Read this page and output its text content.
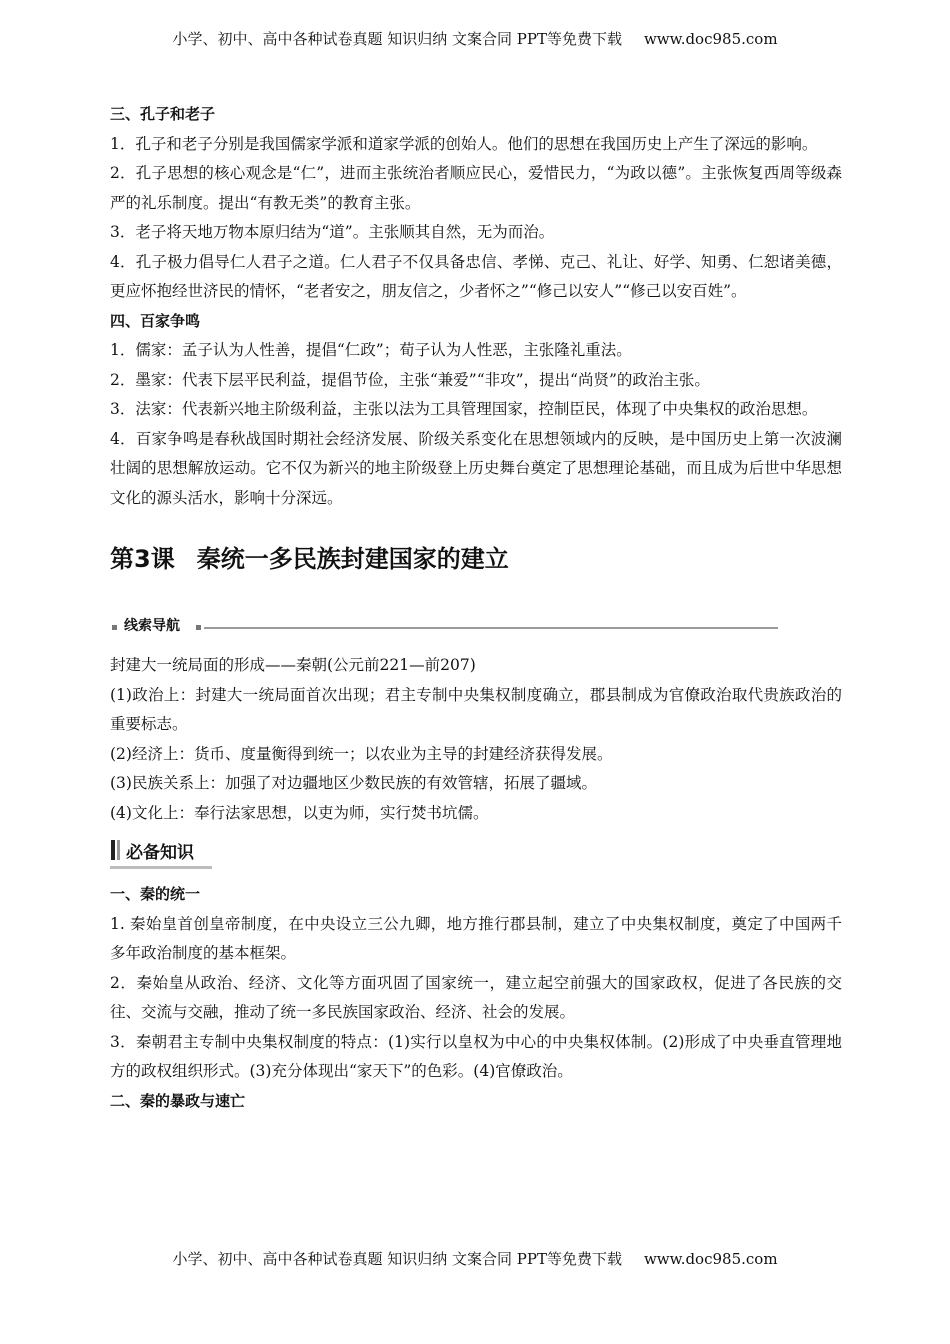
小学、初中、高中各种试卷真题 知识归纳 文案合同 PPT等免费下载 www.doc985.com

三、孔子和老子

1．孔子和老子分别是我国儒家学派和道家学派的创始人。他们的思想在我国历史上产生了深远的影响。

2．孔子思想的核心观念是“仁”，进而主张统治者顺应民心，爱惜民力，“为政以德”。主张恢复西周等级森严的礼乐制度。提出“有教无类”的教育主张。

3．老子将天地万物本原归结为“道”。主张顺其自然，无为而治。

4．孔子极力倡导仁人君子之道。仁人君子不仅具备忠信、孝悌、克己、礼让、好学、知勇、仁恕诸美德，更应怀抱经世济民的情怀，“老者安之，朋友信之，少者怀之”“修己以安人”“修己以安百姓”。

四、百家争鸣

1．儒家：孟子认为人性善，提倡“仁政”；荀子认为人性恶，主张隆礼重法。

2．墨家：代表下层平民利益，提倡节俭，主张“兼爱”“非攻”，提出“尚贤”的政治主张。

3．法家：代表新兴地主阶级利益，主张以法为工具管理国家，控制臣民，体现了中央集权的政治思想。

4．百家争鸣是春秋战国时期社会经济发展、阶级关系变化在思想领域内的反映，是中国历史上第一次波澜壮阔的思想解放运动。它不仅为新兴的地主阶级登上历史舞台奠定了思想理论基础，而且成为后世中华思想文化的源头活水，影响十分深远。

第3课 秦统一多民族封建国家的建立
线索导航

封建大一统局面的形成——秦朝(公元前221—前207)

(1)政治上：封建大一统局面首次出现；君主专制中央集权制度确立，郡县制成为官僚政治取代贵族政治的重要标志。

(2)经济上：货币、度量衡得到统一；以农业为主导的封建经济获得发展。

(3)民族关系上：加强了对边疆地区少数民族的有效管辖，拓展了疆域。

(4)文化上：奉行法家思想，以吏为师，实行焚书坑儒。

必备知识

一、秦的统一

1. 秦始皇首创皇帝制度，在中央设立三公九卿，地方推行郡县制，建立了中央集权制度，奠定了中国两千多年政治制度的基本框架。

2．秦始皇从政治、经济、文化等方面巩固了国家统一，建立起空前强大的国家政权，促进了各民族的交往、交流与交融，推动了统一多民族国家政治、经济、社会的发展。

3．秦朝君主专制中央集权制度的特点：(1)实行以皇权为中心的中央集权体制。(2)形成了中央垂直管理地方的政权组织形式。(3)充分体现出“家天下”的色彩。(4)官僚政治。

二、秦的暴政与速亡

小学、初中、高中各种试卷真题 知识归纳 文案合同 PPT等免费下载 www.doc985.com
